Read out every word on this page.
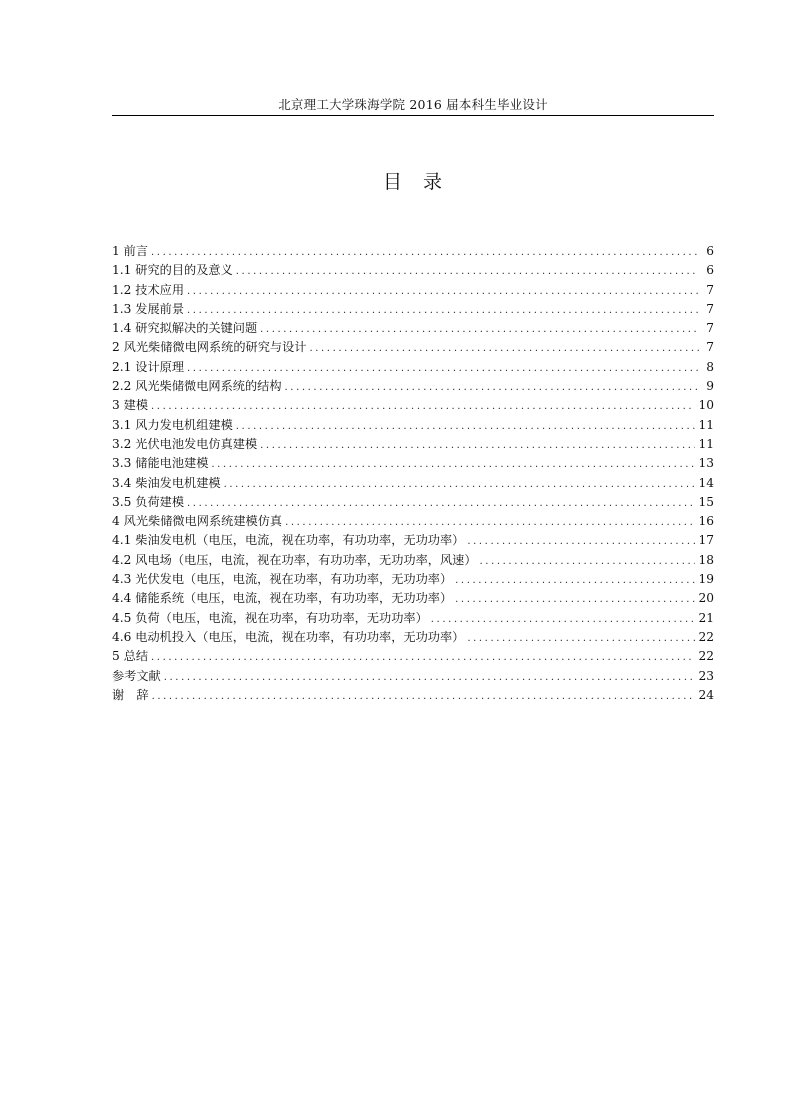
北京理工大学珠海学院 2016 届本科生毕业设计
目　录
1 前言 .....	6
1.1 研究的目的及意义 .....	6
1.2 技术应用 .....	7
1.3 发展前景 .....	7
1.4 研究拟解决的关键问题 .....	7
2 风光柴储微电网系统的研究与设计 .....	7
2.1 设计原理 .....	8
2.2 风光柴储微电网系统的结构 .....	9
3 建模 .....	10
3.1 风力发电机组建模 .....	11
3.2 光伏电池发电仿真建模 .....	11
3.3 储能电池建模 .....	13
3.4 柴油发电机建模 .....	14
3.5 负荷建模 .....	15
4 风光柴储微电网系统建模仿真 .....	16
4.1 柴油发电机（电压，电流，视在功率，有功功率，无功功率） .....	17
4.2 风电场（电压，电流，视在功率，有功功率，无功功率，风速） .....	18
4.3 光伏发电（电压，电流，视在功率，有功功率，无功功率） .....	19
4.4 储能系统（电压，电流，视在功率，有功功率，无功功率） .....	20
4.5 负荷（电压，电流，视在功率，有功功率，无功功率） .....	21
4.6 电动机投入（电压，电流，视在功率，有功功率，无功功率） .....	22
5 总结 .....	22
参考文献 .....	23
谢　辞 .....	24
